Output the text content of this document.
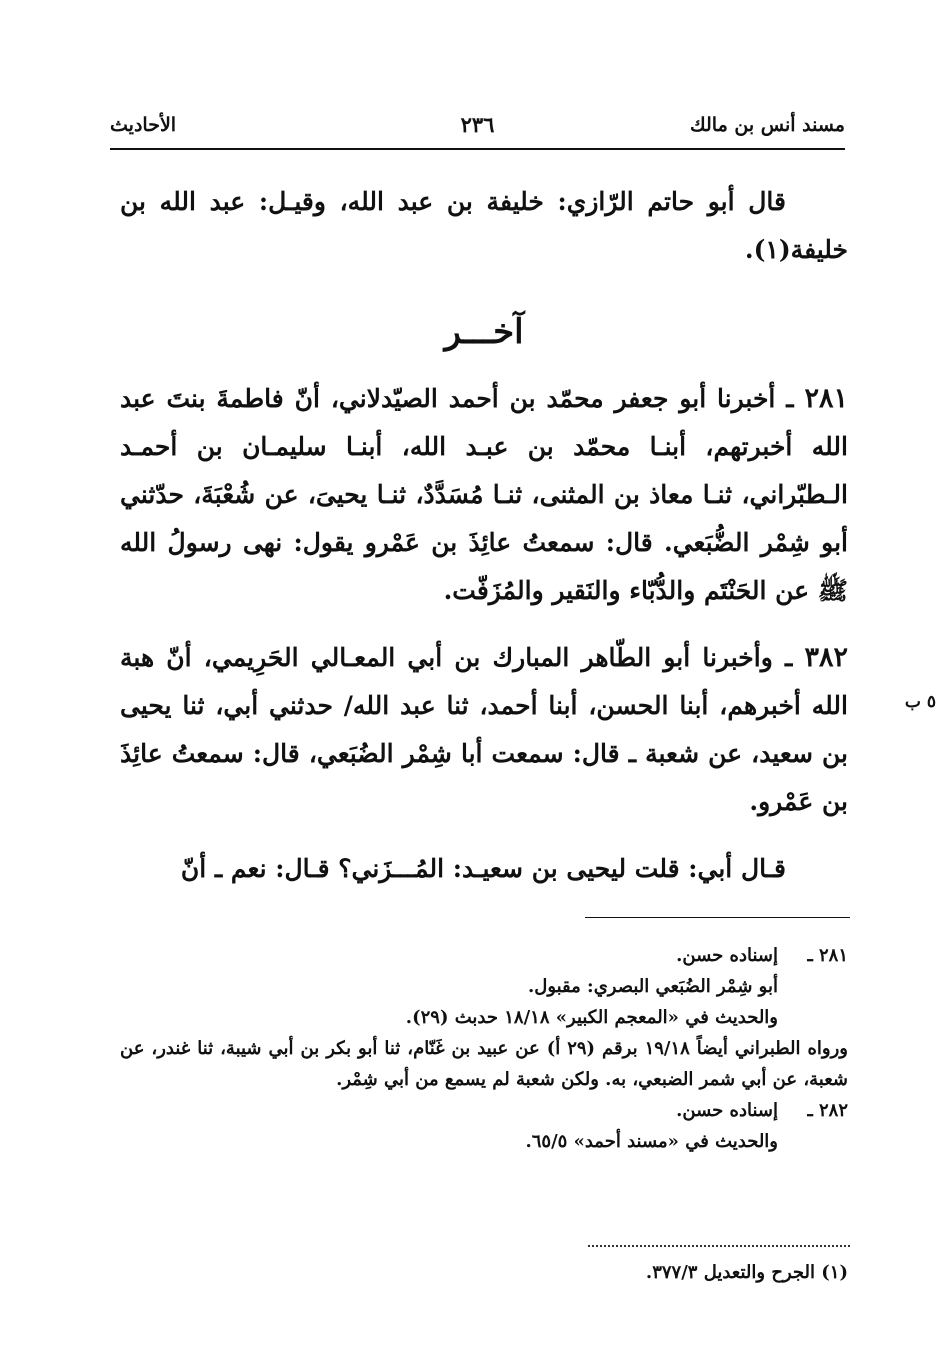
مسند أنس بن مالك
٢٣٦
الأحاديث
قال أبو حاتم الرّازي: خليفة بن عبد الله، وقيـل: عبد الله بن خليفة(١).
آخـــر
٢٨١ ـ أخبرنا أبو جعفر محمّد بن أحمد الصيّدلاني، أنّ فاطمةَ بنتَ عبد الله أخبرتهم، أبنـا محمّد بن عبـد الله، أبنـا سليمـان بن أحمـد الـطبّراني، ثنـا معاذ بن المثنى، ثنـا مُسَدَّدٌ، ثنـا يحيىَ، عن شُعْبَةَ، حدّثني أبو شِمْر الضُّبَعي. قال: سمعتُ عائِذَ بن عَمْرو يقول: نهى رسولُ الله ﷺ عن الحَنْتَم والدُّبّاء والنَقير والمُزَفّت.
٣٨٢ ـ وأخبرنا أبو الطّاهر المبارك بن أبي المعـالي الحَرِيمي، أنّ هبة الله أخبرهم، أبنا الحسن، أبنا أحمد، ثنا عبد الله/ حدثني أبي، ثنا يحيى بن سعيد، عن شعبة ـ قال: سمعت أبا شِمْر الضُبَعي، قال: سمعتُ عائِذَ بن عَمْرو.
٥ ب
قـال أبي: قلت ليحيى بن سعيـد: المُـــزَني؟ قـال: نعم ـ أنّ
٢٨١ ـ
إسناده حسن.
أبو شِمْر الضُبَعي البصري: مقبول.
والحديث في «المعجم الكبير» ١٨/١٨ حدبث (٢٩).
ورواه الطبراني أيضاً ١٩/١٨ برقم (٢٩ أ) عن عبيد بن غَنّام، ثنا أبو بكر بن أبي شيبة، ثنا غندر، عن شعبة، عن أبي شمر الضبعي، به. ولكن شعبة لم يسمع من أبي شِمْر.
٢٨٢ ـ
إسناده حسن.
والحديث في «مسند أحمد» ٦٥/٥.
(١) الجرح والتعديل ٣٧٧/٣.
